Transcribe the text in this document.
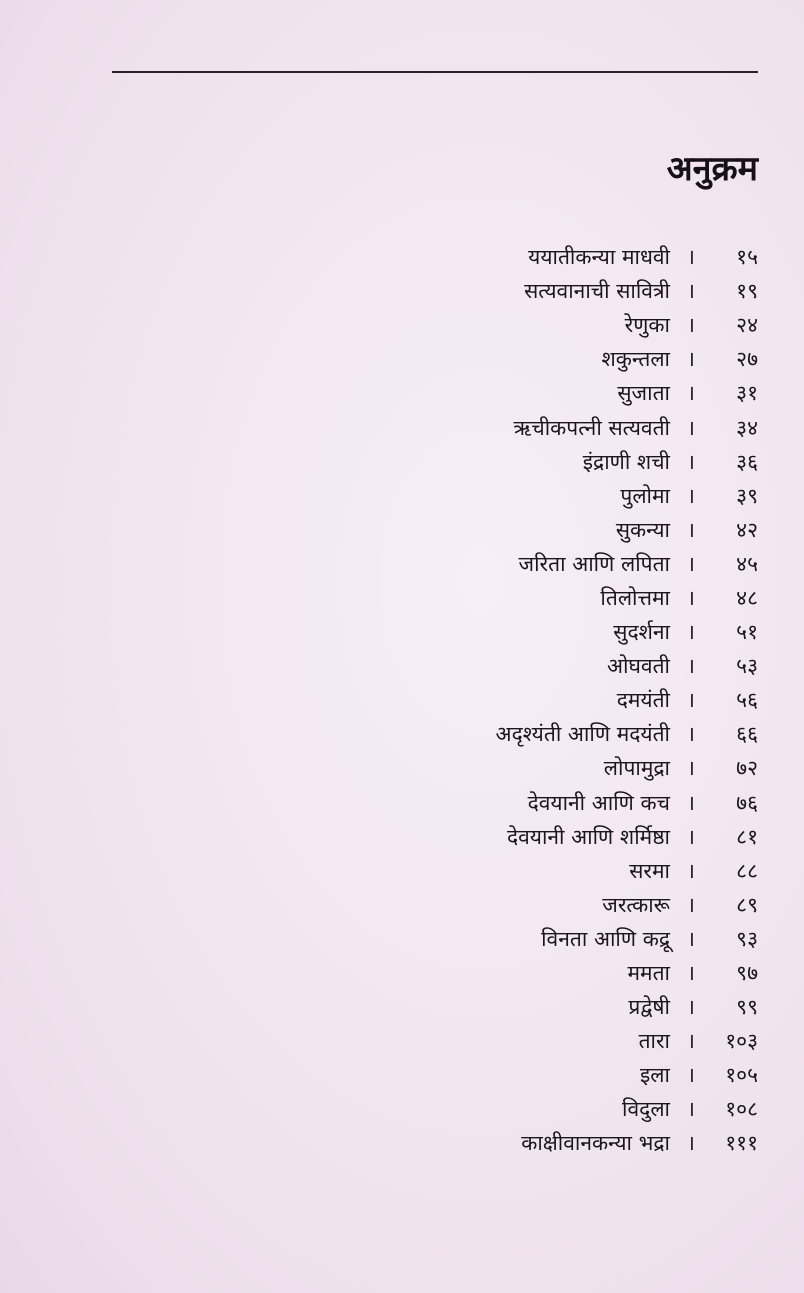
अनुक्रम
ययातीकन्या माधवी ।	१५
सत्यवानाची सावित्री ।	१९
रेणुका ।	२४
शकुन्तला ।	२७
सुजाता ।	३१
ऋचीकपत्नी सत्यवती ।	३४
इंद्राणी शची ।	३६
पुलोमा ।	३९
सुकन्या ।	४२
जरिता आणि लपिता ।	४५
तिलोत्तमा ।	४८
सुदर्शना ।	५१
ओघवती ।	५३
दमयंती ।	५६
अदृश्यंती आणि मदयंती ।	६६
लोपामुद्रा ।	७२
देवयानी आणि कच ।	७६
देवयानी आणि शर्मिष्ठा ।	८१
सरमा ।	८८
जरत्कारू ।	८९
विनता आणि कद्रू ।	९३
ममता ।	९७
प्रद्वेषी ।	९९
तारा ।	१०३
इला ।	१०५
विदुला ।	१०८
काक्षीवानकन्या भद्रा ।	१११
